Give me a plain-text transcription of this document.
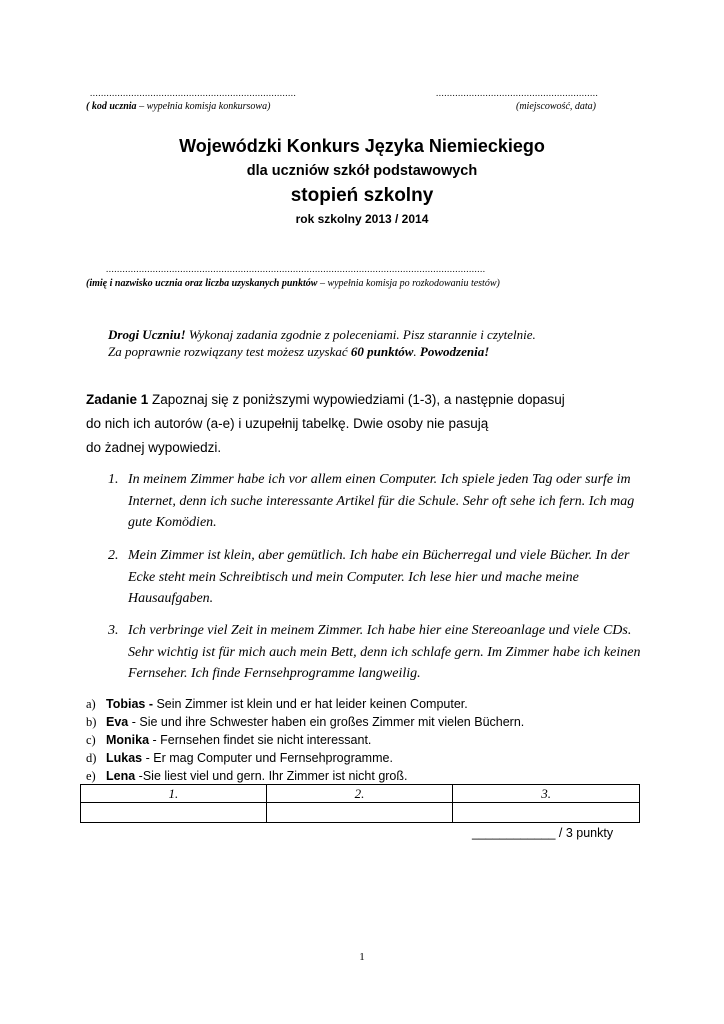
...........................................................................	...........................................................
( kod ucznia – wypełnia komisja konkursowa)	(miejscowość, data)
Wojewódzki Konkurs Języka Niemieckiego
dla uczniów szkół podstawowych
stopień szkolny
rok szkolny 2013 / 2014
..........................................................................................................................................
(imię i nazwisko ucznia oraz liczba uzyskanych punktów – wypełnia komisja po rozkodowaniu testów)
Drogi Uczniu! Wykonaj zadania zgodnie z poleceniami. Pisz starannie i czytelnie.
Za poprawnie rozwiązany test możesz uzyskać 60 punktów. Powodzenia!
Zadanie 1 Zapoznaj się z poniższymi wypowiedziami (1-3), a następnie dopasuj
do nich ich autorów (a-e) i uzupełnij tabelkę. Dwie osoby nie pasują
do żadnej wypowiedzi.
1. In meinem Zimmer habe ich vor allem einen Computer. Ich spiele jeden Tag oder surfe im Internet, denn ich suche interessante Artikel für die Schule. Sehr oft sehe ich fern. Ich mag gute Komödien.
2. Mein Zimmer ist klein, aber gemütlich. Ich habe ein Bücherregal und viele Bücher. In der Ecke steht mein Schreibtisch und mein Computer. Ich lese hier und mache meine Hausaufgaben.
3. Ich verbringe viel Zeit in meinem Zimmer. Ich habe hier eine Stereoanlage und viele CDs. Sehr wichtig ist für mich auch mein Bett, denn ich schlafe gern. Im Zimmer habe ich keinen Fernseher. Ich finde Fernsehprogramme langweilig.
a) Tobias - Sein Zimmer ist klein und er hat leider keinen Computer.
b) Eva - Sie und ihre Schwester haben ein großes Zimmer mit vielen Büchern.
c) Monika - Fernsehen findet sie nicht interessant.
d) Lukas - Er mag Computer und Fernsehprogramme.
e) Lena -Sie liest viel und gern. Ihr Zimmer ist nicht groß.
1.	2.	3.

____________ / 3 punkty
1
